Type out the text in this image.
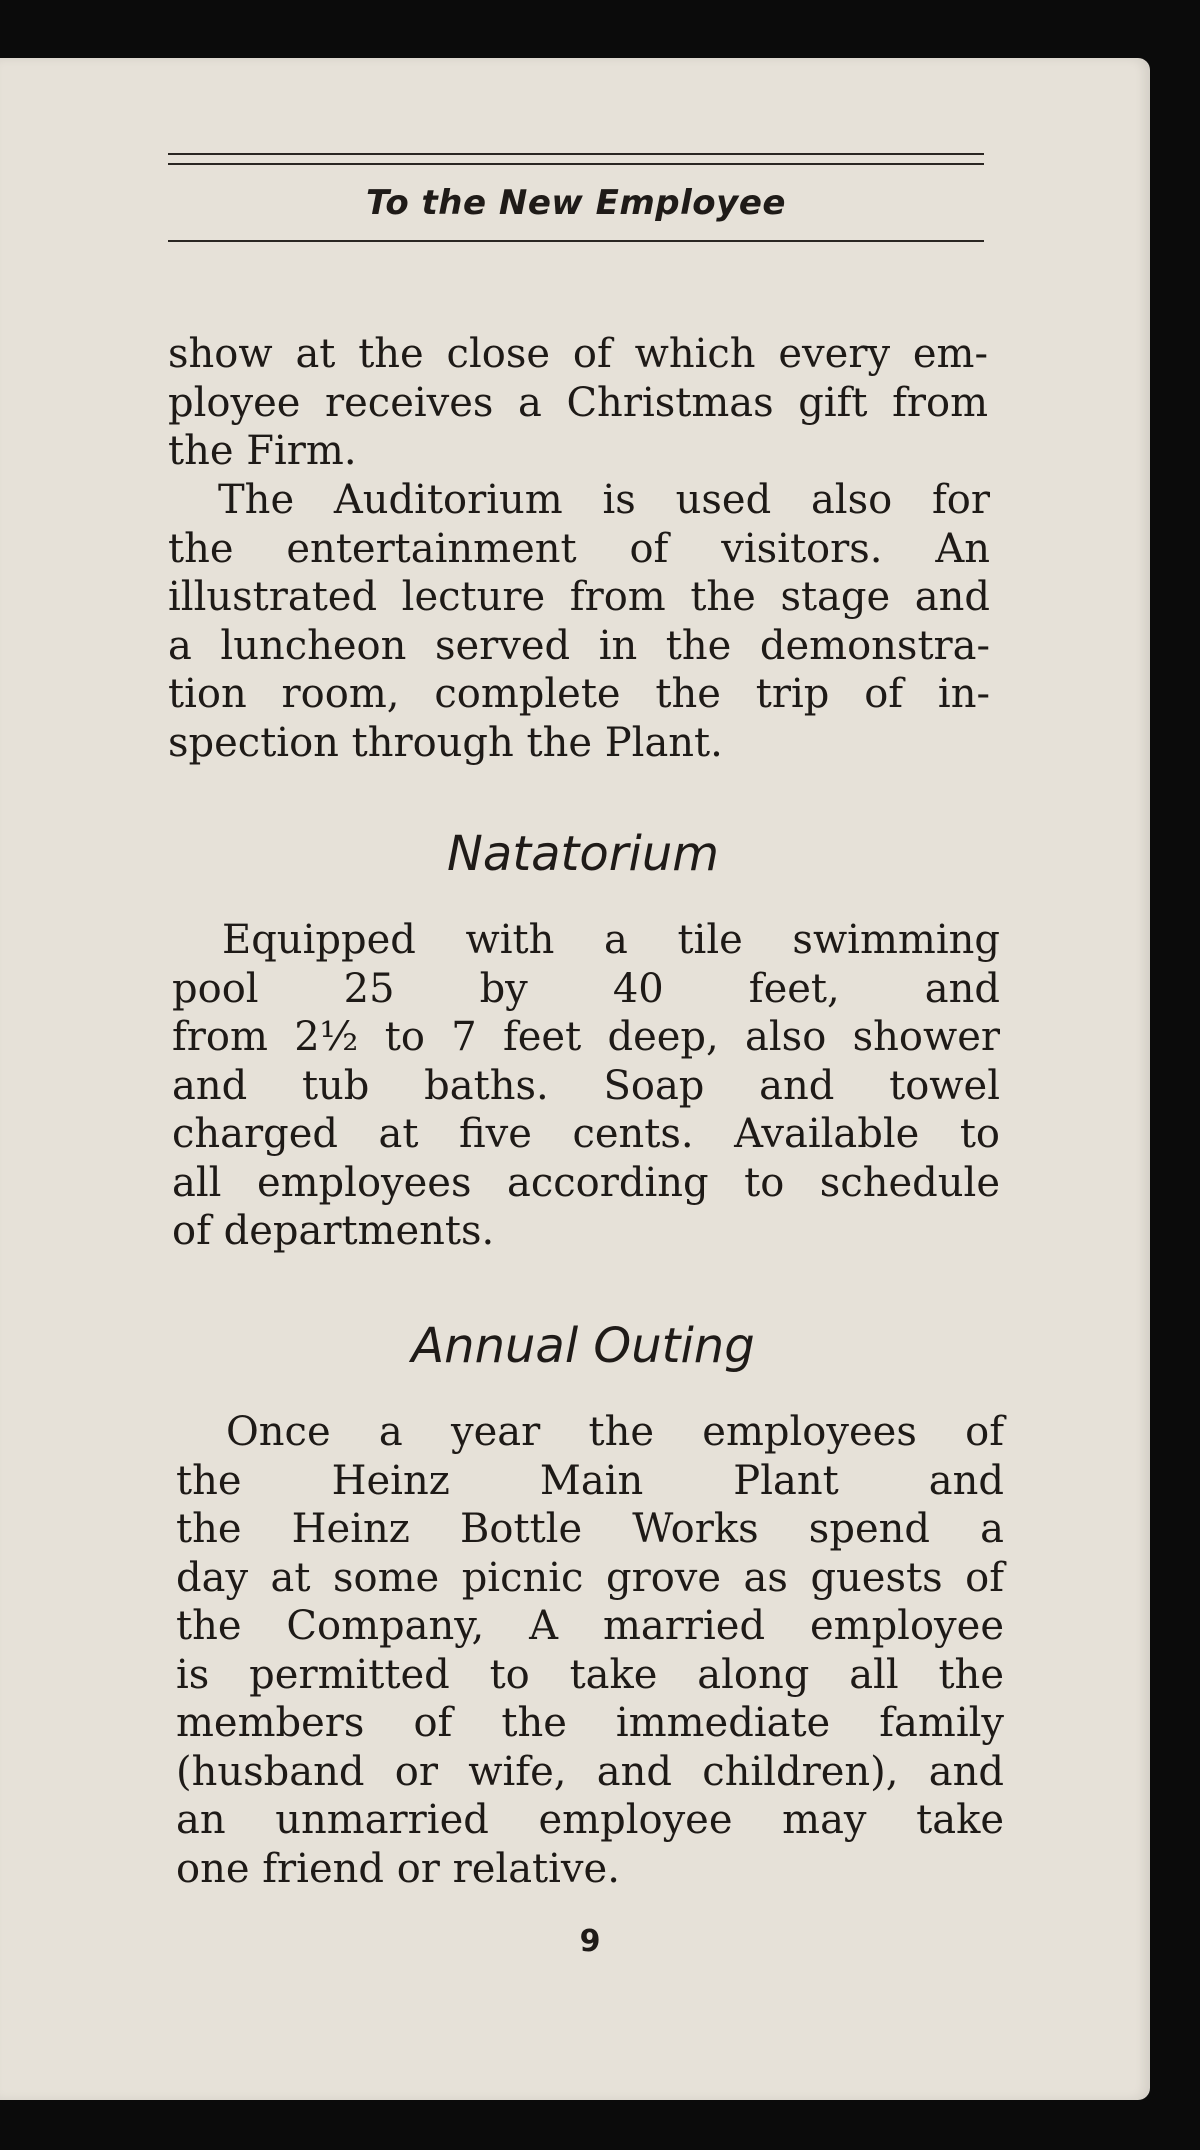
To the New Employee
show at the close of which every em-
ployee receives a Christmas gift from
the Firm.
The Auditorium is used also for
the entertainment of visitors. An
illustrated lecture from the stage and
a luncheon served in the demonstra-
tion room, complete the trip of in-
spection through the Plant.
Natatorium
Equipped with a tile swimming
pool 25 by 40 feet, and
from 2½ to 7 feet deep, also shower
and tub baths. Soap and towel
charged at five cents. Available to
all employees according to schedule
of departments.
Annual Outing
Once a year the employees of
the Heinz Main Plant and
the Heinz Bottle Works spend a
day at some picnic grove as guests of
the Company, A married employee
is permitted to take along all the
members of the immediate family
(husband or wife, and children), and
an unmarried employee may take
one friend or relative.
9
